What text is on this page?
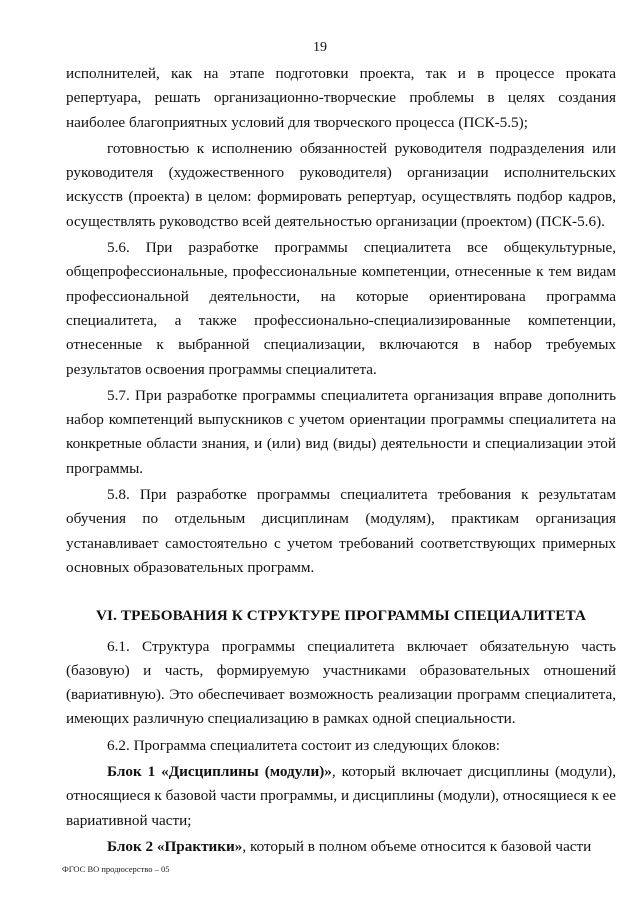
19

исполнителей, как на этапе подготовки проекта, так и в процессе проката репертуара, решать организационно-творческие проблемы в целях создания наиболее благоприятных условий для творческого процесса (ПСК-5.5);

готовностью к исполнению обязанностей руководителя подразделения или руководителя (художественного руководителя) организации исполнительских искусств (проекта) в целом: формировать репертуар, осуществлять подбор кадров, осуществлять руководство всей деятельностью организации (проектом) (ПСК-5.6).

5.6. При разработке программы специалитета все общекультурные, общепрофессиональные, профессиональные компетенции, отнесенные к тем видам профессиональной деятельности, на которые ориентирована программа специалитета, а также профессионально-специализированные компетенции, отнесенные к выбранной специализации, включаются в набор требуемых результатов освоения программы специалитета.

5.7. При разработке программы специалитета организация вправе дополнить набор компетенций выпускников с учетом ориентации программы специалитета на конкретные области знания, и (или) вид (виды) деятельности и специализации этой программы.

5.8. При разработке программы специалитета требования к результатам обучения по отдельным дисциплинам (модулям), практикам организация устанавливает самостоятельно с учетом требований соответствующих примерных основных образовательных программ.

VI. ТРЕБОВАНИЯ К СТРУКТУРЕ ПРОГРАММЫ СПЕЦИАЛИТЕТА

6.1. Структура программы специалитета включает обязательную часть (базовую) и часть, формируемую участниками образовательных отношений (вариативную). Это обеспечивает возможность реализации программ специалитета, имеющих различную специализацию в рамках одной специальности.

6.2. Программа специалитета состоит из следующих блоков:

Блок 1 «Дисциплины (модули)», который включает дисциплины (модули), относящиеся к базовой части программы, и дисциплины (модули), относящиеся к ее вариативной части;

Блок 2 «Практики», который в полном объеме относится к базовой части

ФГОС ВО продюсерство – 05
